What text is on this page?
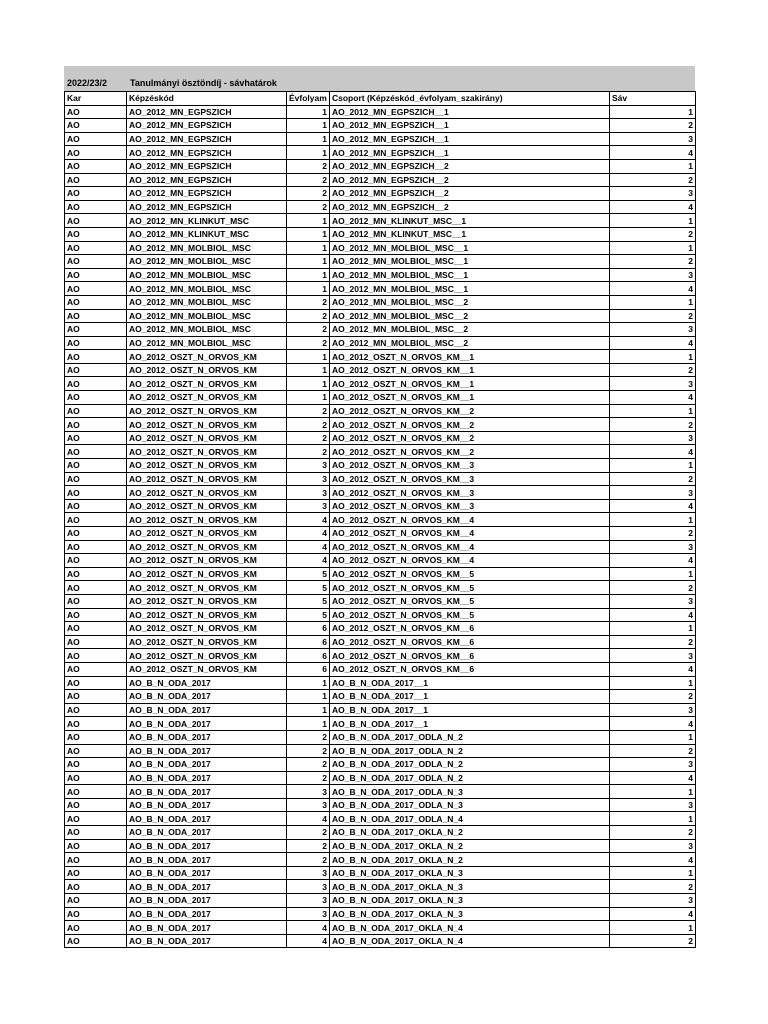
2022/23/2	Tanulmányi ösztöndíj - sávhatárok
Kar	Képzéskód	Évfolyam	Csoport (Képzéskód_évfolyam_szakirány)	Sáv
AO	AO_2012_MN_EGPSZICH	1	AO_2012_MN_EGPSZICH__1	1
AO	AO_2012_MN_EGPSZICH	1	AO_2012_MN_EGPSZICH__1	2
AO	AO_2012_MN_EGPSZICH	1	AO_2012_MN_EGPSZICH__1	3
AO	AO_2012_MN_EGPSZICH	1	AO_2012_MN_EGPSZICH__1	4
AO	AO_2012_MN_EGPSZICH	2	AO_2012_MN_EGPSZICH__2	1
AO	AO_2012_MN_EGPSZICH	2	AO_2012_MN_EGPSZICH__2	2
AO	AO_2012_MN_EGPSZICH	2	AO_2012_MN_EGPSZICH__2	3
AO	AO_2012_MN_EGPSZICH	2	AO_2012_MN_EGPSZICH__2	4
AO	AO_2012_MN_KLINKUT_MSC	1	AO_2012_MN_KLINKUT_MSC__1	1
AO	AO_2012_MN_KLINKUT_MSC	1	AO_2012_MN_KLINKUT_MSC__1	2
AO	AO_2012_MN_MOLBIOL_MSC	1	AO_2012_MN_MOLBIOL_MSC__1	1
AO	AO_2012_MN_MOLBIOL_MSC	1	AO_2012_MN_MOLBIOL_MSC__1	2
AO	AO_2012_MN_MOLBIOL_MSC	1	AO_2012_MN_MOLBIOL_MSC__1	3
AO	AO_2012_MN_MOLBIOL_MSC	1	AO_2012_MN_MOLBIOL_MSC__1	4
AO	AO_2012_MN_MOLBIOL_MSC	2	AO_2012_MN_MOLBIOL_MSC__2	1
AO	AO_2012_MN_MOLBIOL_MSC	2	AO_2012_MN_MOLBIOL_MSC__2	2
AO	AO_2012_MN_MOLBIOL_MSC	2	AO_2012_MN_MOLBIOL_MSC__2	3
AO	AO_2012_MN_MOLBIOL_MSC	2	AO_2012_MN_MOLBIOL_MSC__2	4
AO	AO_2012_OSZT_N_ORVOS_KM	1	AO_2012_OSZT_N_ORVOS_KM__1	1
AO	AO_2012_OSZT_N_ORVOS_KM	1	AO_2012_OSZT_N_ORVOS_KM__1	2
AO	AO_2012_OSZT_N_ORVOS_KM	1	AO_2012_OSZT_N_ORVOS_KM__1	3
AO	AO_2012_OSZT_N_ORVOS_KM	1	AO_2012_OSZT_N_ORVOS_KM__1	4
AO	AO_2012_OSZT_N_ORVOS_KM	2	AO_2012_OSZT_N_ORVOS_KM__2	1
AO	AO_2012_OSZT_N_ORVOS_KM	2	AO_2012_OSZT_N_ORVOS_KM__2	2
AO	AO_2012_OSZT_N_ORVOS_KM	2	AO_2012_OSZT_N_ORVOS_KM__2	3
AO	AO_2012_OSZT_N_ORVOS_KM	2	AO_2012_OSZT_N_ORVOS_KM__2	4
AO	AO_2012_OSZT_N_ORVOS_KM	3	AO_2012_OSZT_N_ORVOS_KM__3	1
AO	AO_2012_OSZT_N_ORVOS_KM	3	AO_2012_OSZT_N_ORVOS_KM__3	2
AO	AO_2012_OSZT_N_ORVOS_KM	3	AO_2012_OSZT_N_ORVOS_KM__3	3
AO	AO_2012_OSZT_N_ORVOS_KM	3	AO_2012_OSZT_N_ORVOS_KM__3	4
AO	AO_2012_OSZT_N_ORVOS_KM	4	AO_2012_OSZT_N_ORVOS_KM__4	1
AO	AO_2012_OSZT_N_ORVOS_KM	4	AO_2012_OSZT_N_ORVOS_KM__4	2
AO	AO_2012_OSZT_N_ORVOS_KM	4	AO_2012_OSZT_N_ORVOS_KM__4	3
AO	AO_2012_OSZT_N_ORVOS_KM	4	AO_2012_OSZT_N_ORVOS_KM__4	4
AO	AO_2012_OSZT_N_ORVOS_KM	5	AO_2012_OSZT_N_ORVOS_KM__5	1
AO	AO_2012_OSZT_N_ORVOS_KM	5	AO_2012_OSZT_N_ORVOS_KM__5	2
AO	AO_2012_OSZT_N_ORVOS_KM	5	AO_2012_OSZT_N_ORVOS_KM__5	3
AO	AO_2012_OSZT_N_ORVOS_KM	5	AO_2012_OSZT_N_ORVOS_KM__5	4
AO	AO_2012_OSZT_N_ORVOS_KM	6	AO_2012_OSZT_N_ORVOS_KM__6	1
AO	AO_2012_OSZT_N_ORVOS_KM	6	AO_2012_OSZT_N_ORVOS_KM__6	2
AO	AO_2012_OSZT_N_ORVOS_KM	6	AO_2012_OSZT_N_ORVOS_KM__6	3
AO	AO_2012_OSZT_N_ORVOS_KM	6	AO_2012_OSZT_N_ORVOS_KM__6	4
AO	AO_B_N_ODA_2017	1	AO_B_N_ODA_2017__1	1
AO	AO_B_N_ODA_2017	1	AO_B_N_ODA_2017__1	2
AO	AO_B_N_ODA_2017	1	AO_B_N_ODA_2017__1	3
AO	AO_B_N_ODA_2017	1	AO_B_N_ODA_2017__1	4
AO	AO_B_N_ODA_2017	2	AO_B_N_ODA_2017_ODLA_N_2	1
AO	AO_B_N_ODA_2017	2	AO_B_N_ODA_2017_ODLA_N_2	2
AO	AO_B_N_ODA_2017	2	AO_B_N_ODA_2017_ODLA_N_2	3
AO	AO_B_N_ODA_2017	2	AO_B_N_ODA_2017_ODLA_N_2	4
AO	AO_B_N_ODA_2017	3	AO_B_N_ODA_2017_ODLA_N_3	1
AO	AO_B_N_ODA_2017	3	AO_B_N_ODA_2017_ODLA_N_3	3
AO	AO_B_N_ODA_2017	4	AO_B_N_ODA_2017_ODLA_N_4	1
AO	AO_B_N_ODA_2017	2	AO_B_N_ODA_2017_OKLA_N_2	2
AO	AO_B_N_ODA_2017	2	AO_B_N_ODA_2017_OKLA_N_2	3
AO	AO_B_N_ODA_2017	2	AO_B_N_ODA_2017_OKLA_N_2	4
AO	AO_B_N_ODA_2017	3	AO_B_N_ODA_2017_OKLA_N_3	1
AO	AO_B_N_ODA_2017	3	AO_B_N_ODA_2017_OKLA_N_3	2
AO	AO_B_N_ODA_2017	3	AO_B_N_ODA_2017_OKLA_N_3	3
AO	AO_B_N_ODA_2017	3	AO_B_N_ODA_2017_OKLA_N_3	4
AO	AO_B_N_ODA_2017	4	AO_B_N_ODA_2017_OKLA_N_4	1
AO	AO_B_N_ODA_2017	4	AO_B_N_ODA_2017_OKLA_N_4	2
